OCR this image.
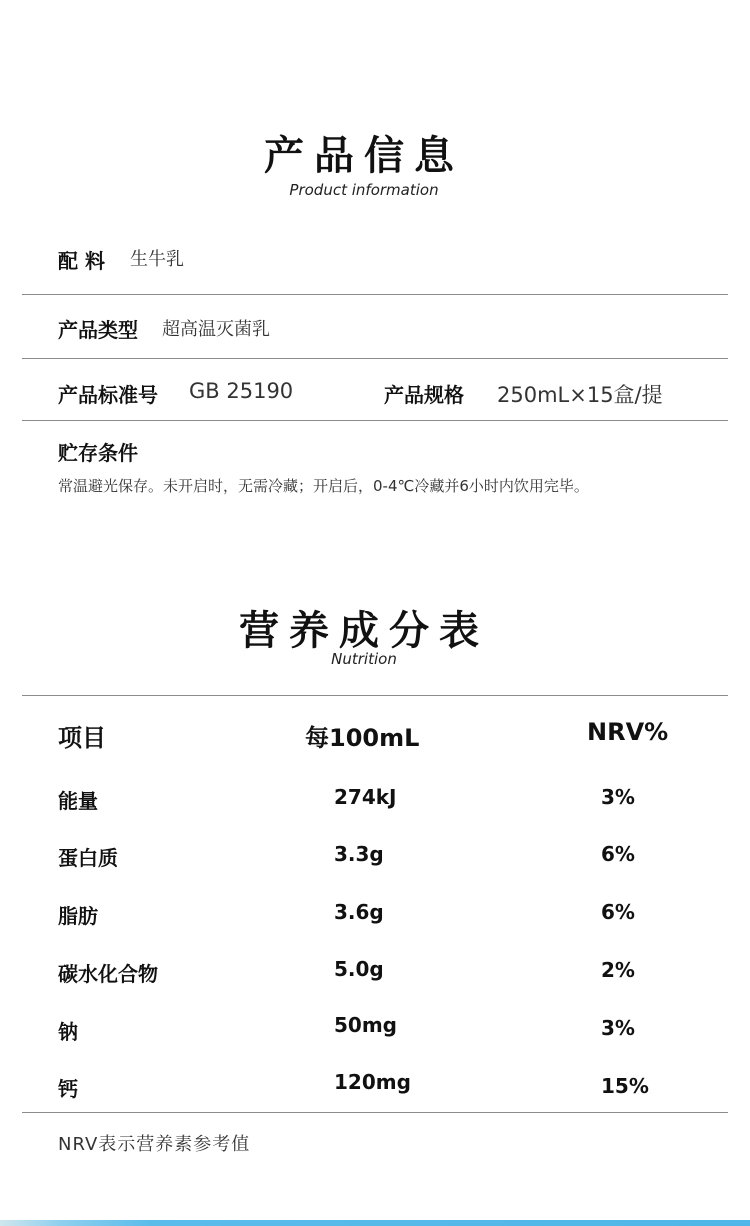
产品信息
Product information
配 料 生牛乳
产品类型 超高温灭菌乳
产品标准号 GB 25190	产品规格 250mL×15盒/提
贮存条件
常温避光保存。未开启时，无需冷藏；开启后，0-4℃冷藏并6小时内饮用完毕。
营养成分表
Nutrition
项目	每100mL	NRV%
能量	274kJ	3%
蛋白质	3.3g	6%
脂肪	3.6g	6%
碳水化合物	5.0g	2%
钠	50mg	3%
钙	120mg	15%
NRV表示营养素参考值
